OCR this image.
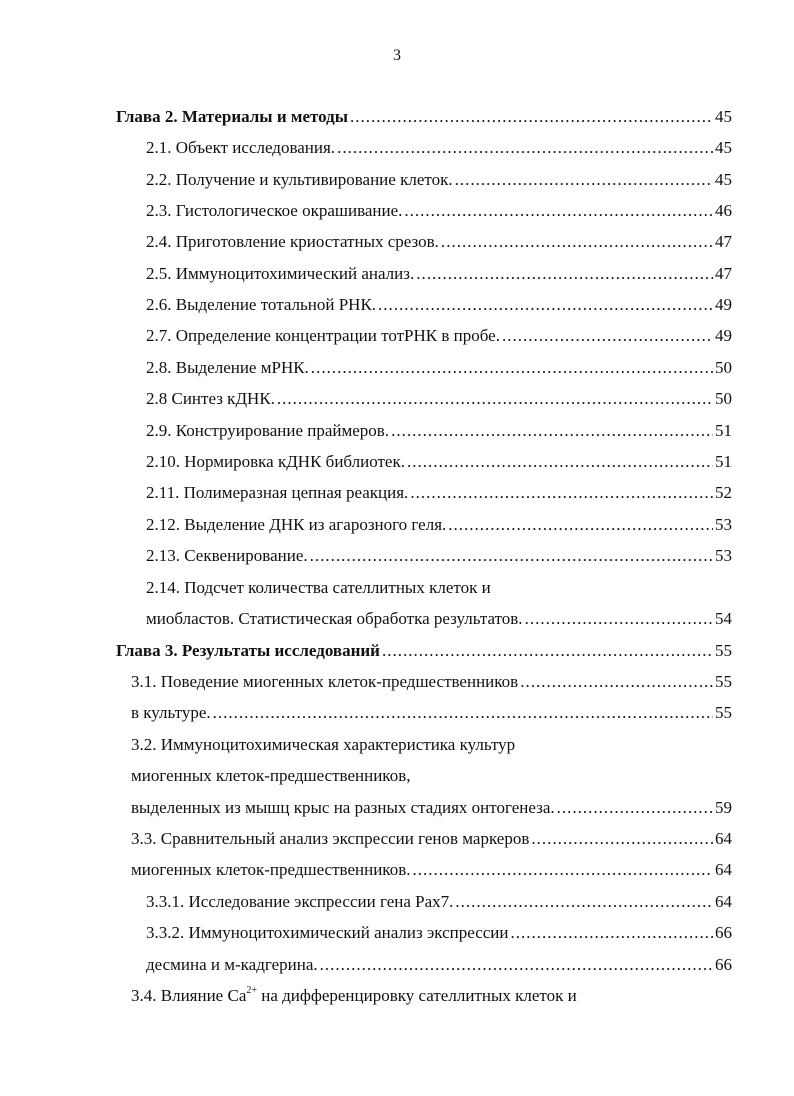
3
Глава 2. Материалы и методы .....	45
2.1. Объект исследования. .....	45
2.2. Получение и культивирование клеток. .....	45
2.3. Гистологическое окрашивание. .....	46
2.4. Приготовление криостатных срезов. .....	47
2.5. Иммуноцитохимический анализ. .....	47
2.6. Выделение тотальной РНК. .....	49
2.7. Определение концентрации тотРНК в пробе. .....	49
2.8. Выделение мРНК. .....	50
2.8 Синтез кДНК. .....	50
2.9. Конструирование праймеров. .....	51
2.10. Нормировка кДНК библиотек. .....	51
2.11. Полимеразная цепная реакция. .....	52
2.12. Выделение ДНК из агарозного геля. .....	53
2.13. Секвенирование. .....	53
2.14. Подсчет количества сателлитных клеток и
миобластов. Статистическая обработка результатов. .....	54
Глава 3. Результаты исследований .....	55
3.1. Поведение миогенных клеток-предшественников .....	55
в культуре. .....	55
3.2. Иммуноцитохимическая характеристика культур
миогенных клеток-предшественников,
выделенных из мышц крыс на разных стадиях онтогенеза. .....	59
3.3. Сравнительный анализ экспрессии генов маркеров .....	64
миогенных клеток-предшественников. .....	64
3.3.1. Исследование экспрессии гена Pax7. .....	64
3.3.2. Иммуноцитохимический анализ экспрессии .....	66
десмина и м-кадгерина. .....	66
3.4. Влияние $Ca^{2+}$ на дифференцировку сателлитных клеток и
